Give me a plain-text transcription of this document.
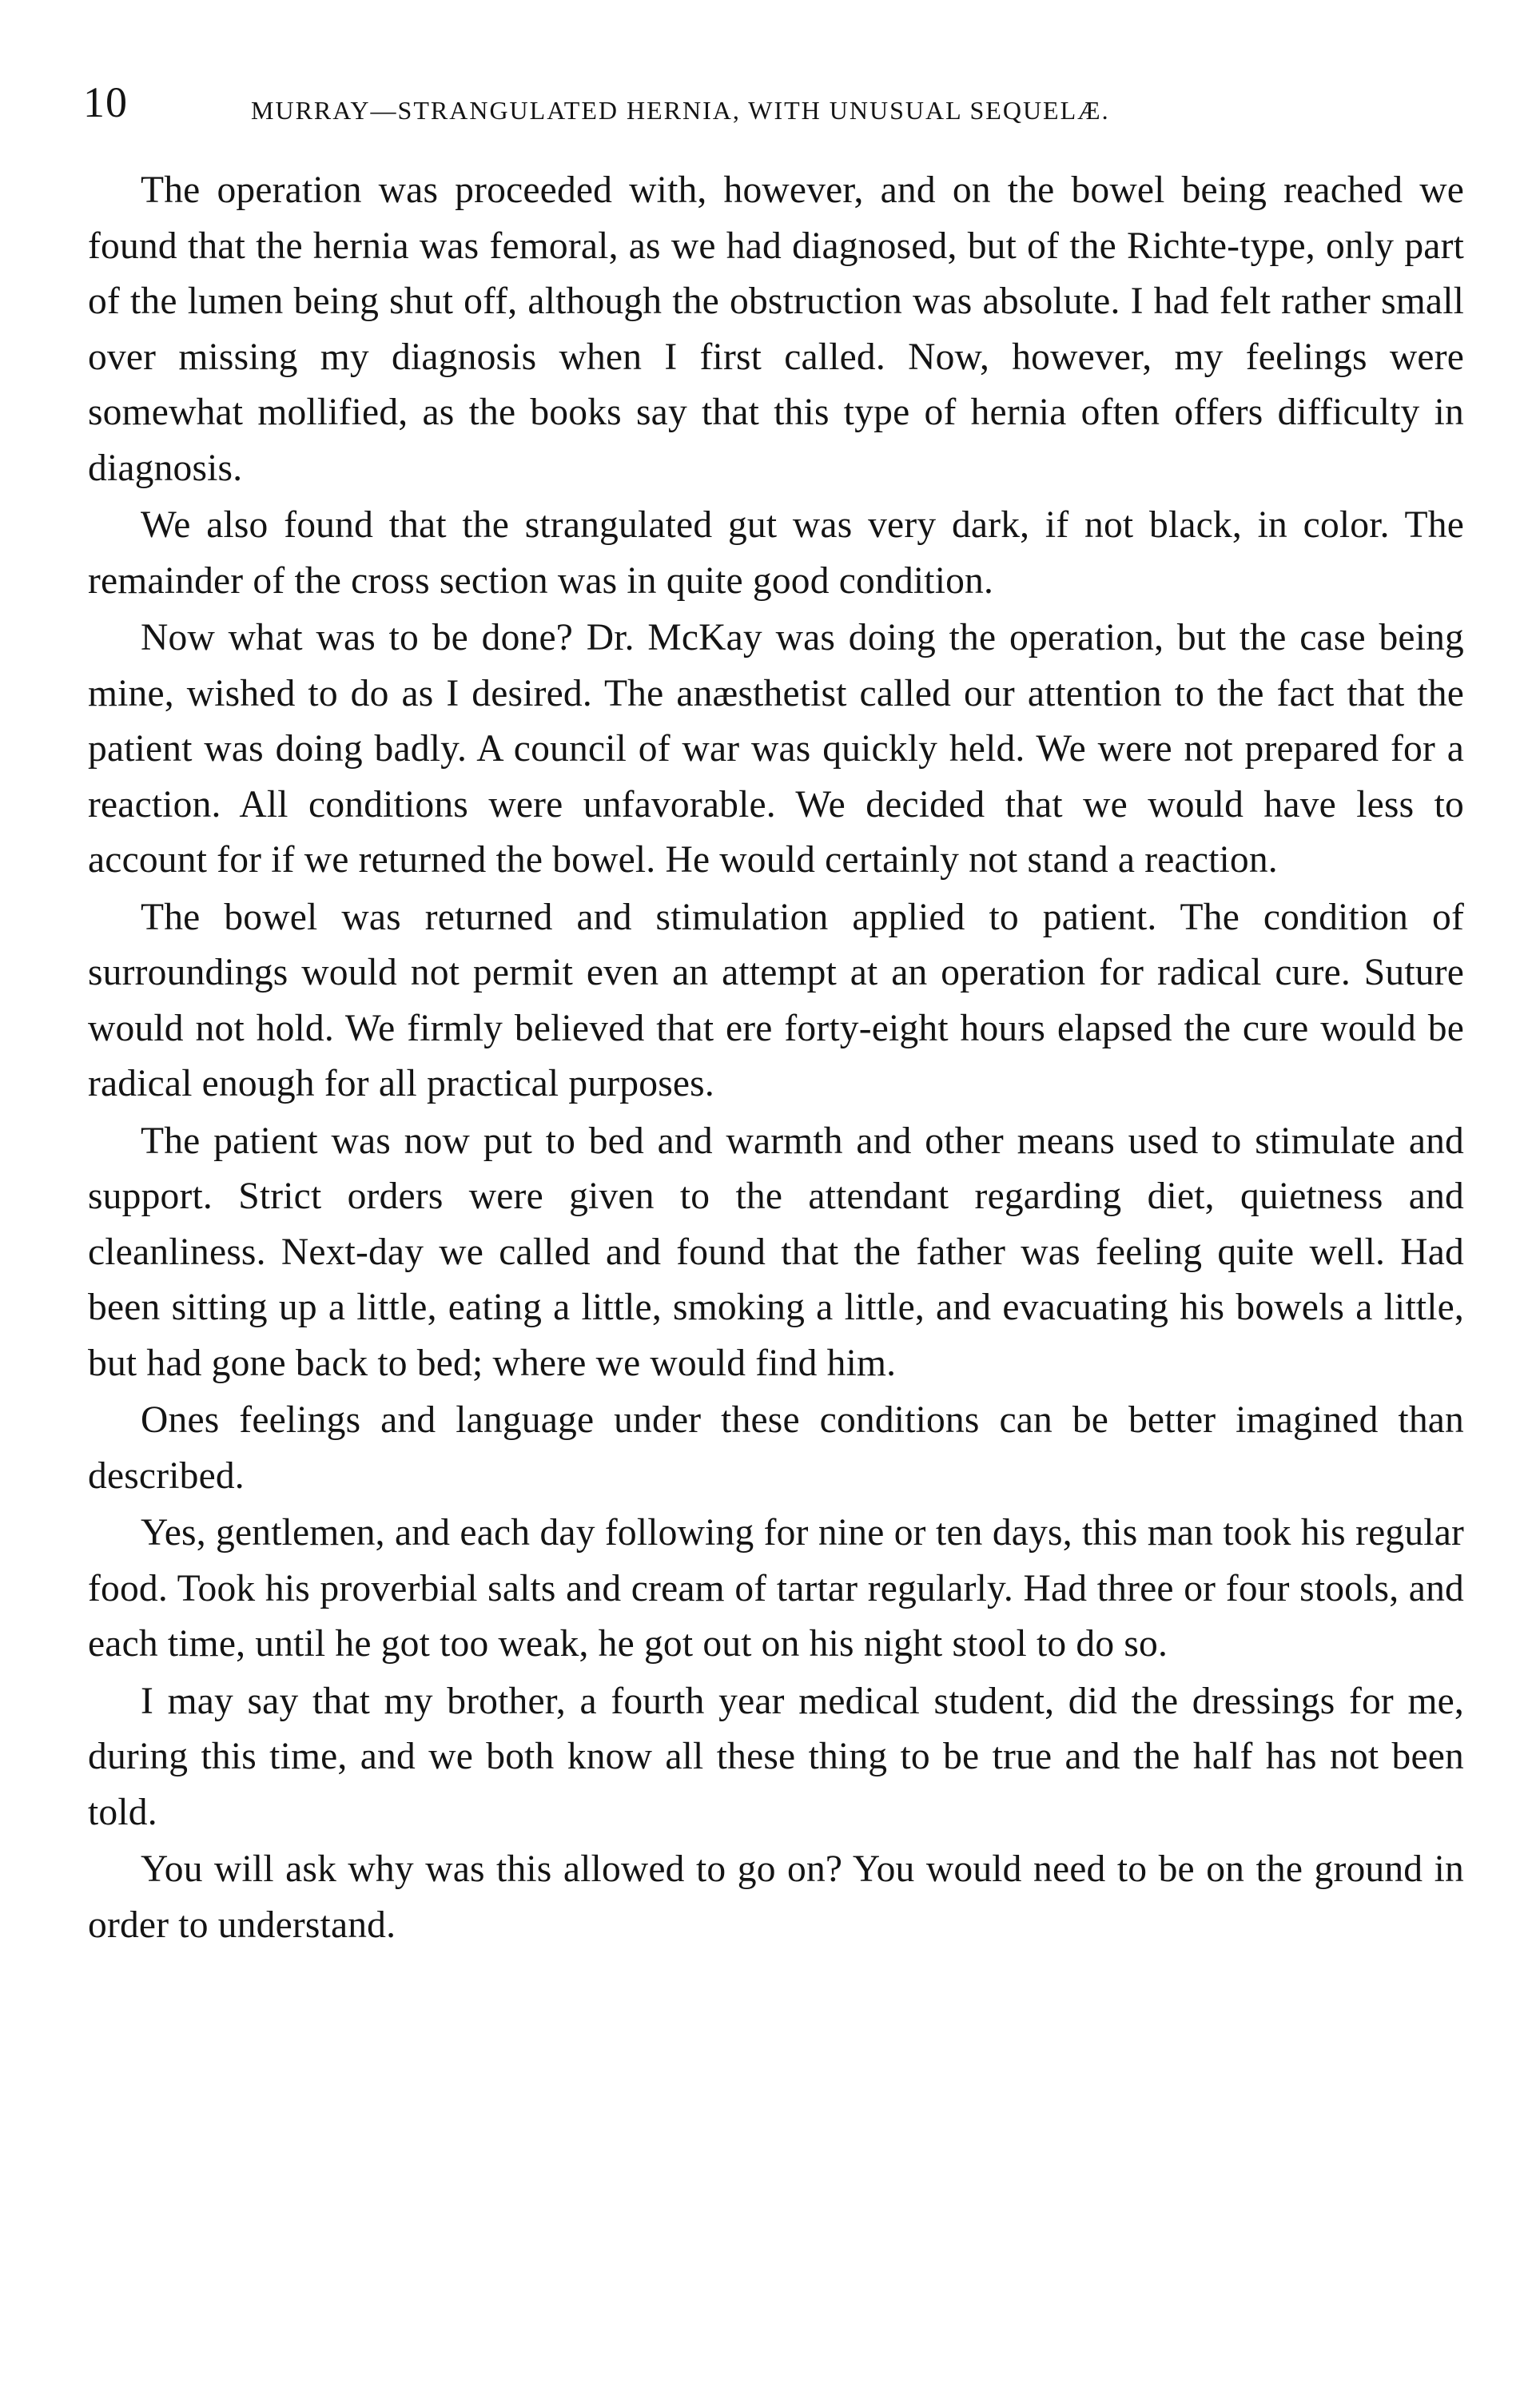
10	MURRAY—STRANGULATED HERNIA, WITH UNUSUAL SEQUELÆ.

The operation was proceeded with, however, and on the bowel being reached we found that the hernia was femoral, as we had diagnosed, but of the Richte-type, only part of the lumen being shut off, although the obstruction was absolute. I had felt rather small over missing my diagnosis when I first called. Now, however, my feelings were somewhat mollified, as the books say that this type of hernia often offers difficulty in diagnosis.

We also found that the strangulated gut was very dark, if not black, in color. The remainder of the cross section was in quite good condition.

Now what was to be done? Dr. McKay was doing the operation, but the case being mine, wished to do as I desired. The anæsthetist called our attention to the fact that the patient was doing badly. A council of war was quickly held. We were not prepared for a reaction. All conditions were unfavorable. We decided that we would have less to account for if we returned the bowel. He would certainly not stand a reaction.

The bowel was returned and stimulation applied to patient. The condition of surroundings would not permit even an attempt at an operation for radical cure. Suture would not hold. We firmly believed that ere forty-eight hours elapsed the cure would be radical enough for all practical purposes.

The patient was now put to bed and warmth and other means used to stimulate and support. Strict orders were given to the attendant regarding diet, quietness and cleanliness. Next-day we called and found that the father was feeling quite well. Had been sitting up a little, eating a little, smoking a little, and evacuating his bowels a little, but had gone back to bed; where we would find him.

Ones feelings and language under these conditions can be better imagined than described.

Yes, gentlemen, and each day following for nine or ten days, this man took his regular food. Took his proverbial salts and cream of tartar regularly. Had three or four stools, and each time, until he got too weak, he got out on his night stool to do so.

I may say that my brother, a fourth year medical student, did the dressings for me, during this time, and we both know all these thing to be true and the half has not been told.

You will ask why was this allowed to go on? You would need to be on the ground in order to understand.
